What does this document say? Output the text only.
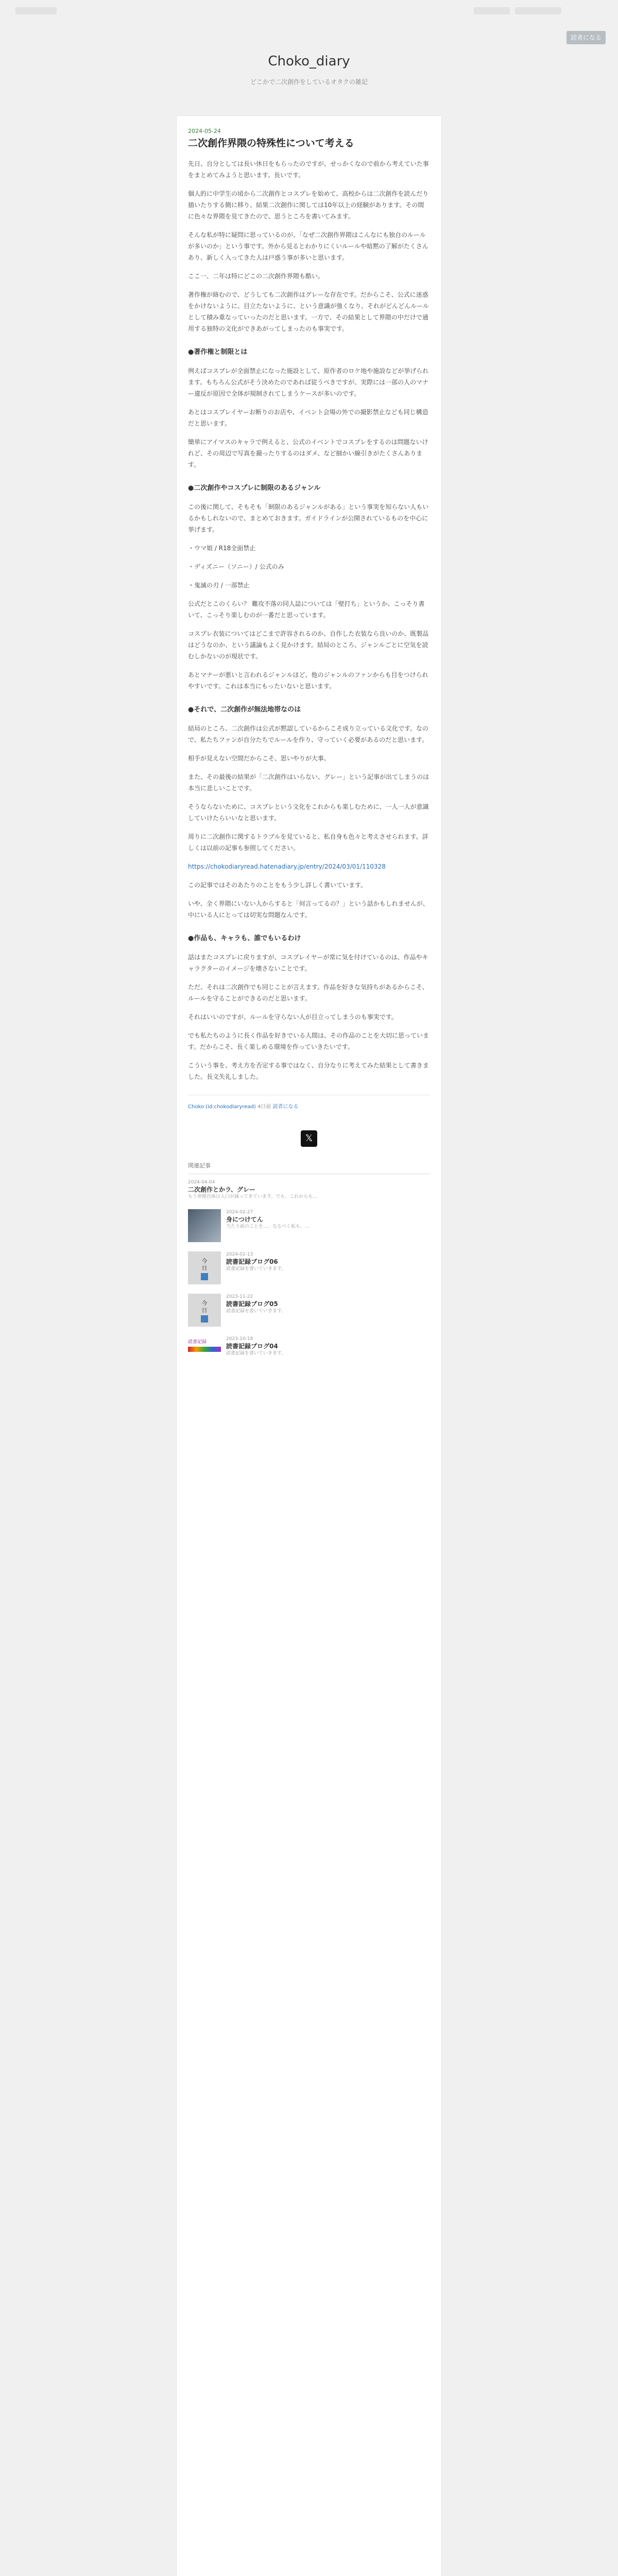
読者になる
Choko_diary
どこかで二次創作をしているオタクの雑記
2024-05-24
二次創作界隈の特殊性について考える

先日、自分としては長い休日をもらったのですが、せっかくなので前から考えていた事をまとめてみようと思います。長いです。

個人的に中学生の頃から二次創作とコスプレを始めて、高校からは二次創作を読んだり描いたりする側に移り、結果二次創作に関しては10年以上の経験があります。その間に色々な界隈を見てきたので、思うところを書いてみます。

そんな私が特に疑問に思っているのが、「なぜ二次創作界隈はこんなにも独自のルールが多いのか」という事です。外から見るとわかりにくいルールや暗黙の了解がたくさんあり、新しく入ってきた人は戸惑う事が多いと思います。

ここ一、二年は特にどこの二次創作界隈も酷い。

著作権が絡むので、どうしても二次創作はグレーな存在です。だからこそ、公式に迷惑をかけないように、目立たないように、という意識が強くなり、それがどんどんルールとして積み重なっていったのだと思います。一方で、その結果として界隈の中だけで通用する独特の文化ができあがってしまったのも事実です。

●著作権と制限とは

例えばコスプレが全面禁止になった施設として、原作者のロケ地や施設などが挙げられます。もちろん公式がそう決めたのであれば従うべきですが、実際には一部の人のマナー違反が原因で全体が規制されてしまうケースが多いのです。

あとはコスプレイヤーお断りのお店や、イベント会場の外での撮影禁止なども同じ構造だと思います。

簡単にアイマスのキャラで例えると、公式のイベントでコスプレをするのは問題ないけれど、その周辺で写真を撮ったりするのはダメ、など細かい線引きがたくさんあります。

●二次創作やコスプレに制限のあるジャンル

この後に関して、そもそも「制限のあるジャンルがある」という事実を知らない人もいるかもしれないので、まとめておきます。ガイドラインが公開されているものを中心に挙げます。

・ウマ娘 / R18全面禁止

・ディズニー（ソニー）/ 公式のみ

・鬼滅の刃 / 一部禁止

公式だとこのくらい？ 難攻不落の同人誌については「壁打ち」というか、こっそり書いて、こっそり楽しむのが一番だと思っています。

コスプレ衣装についてはどこまで許容されるのか、自作した衣装なら良いのか、既製品はどうなのか、という議論もよく見かけます。結局のところ、ジャンルごとに空気を読むしかないのが現状です。

あとマナーが悪いと言われるジャンルほど、他のジャンルのファンからも目をつけられやすいです。これは本当にもったいないと思います。

●それで、二次創作が無法地帯なのは

結局のところ、二次創作は公式が黙認しているからこそ成り立っている文化です。なので、私たちファンが自分たちでルールを作り、守っていく必要があるのだと思います。

相手が見えない空間だからこそ、思いやりが大事。

また、その最後の結果が「二次創作はいらない、グレー」という記事が出てしまうのは本当に悲しいことです。

そうならないために、コスプレという文化をこれからも楽しむために、一人一人が意識していけたらいいなと思います。

周りに二次創作に関するトラブルを見ていると、私自身も色々と考えさせられます。詳しくは以前の記事も参照してください。

https://chokodiaryread.hatenadiary.jp/entry/2024/03/01/110328

この記事ではそのあたりのことをもう少し詳しく書いています。

いや、全く界隈にいない人からすると「何言ってるの？」という話かもしれませんが、中にいる人にとっては切実な問題なんです。

●作品も、キャラも、誰でもいるわけ

話はまたコスプレに戻りますが、コスプレイヤーが常に気を付けているのは、作品やキャラクターのイメージを壊さないことです。

ただ、それは二次創作でも同じことが言えます。作品を好きな気持ちがあるからこそ、ルールを守ることができるのだと思います。

それはいいのですが、ルールを守らない人が目立ってしまうのも事実です。

でも私たちのように長く作品を好きでいる人間は、その作品のことを大切に思っています。だからこそ、長く楽しめる環境を作っていきたいです。

こういう事を、考え方を否定する事ではなく、自分なりに考えてみた結果として書きました。長文失礼しました。

Choko (id:chokodiaryread) 4日前 読者になる
𝕏
関連記事
2024-04-04
二次創作とかラ、グレー
もう界隈自体は人口が減ってきています。でも、これからも…
2024-02-27
身につけてん
当たり前のことを…、なるべく私も、…
今
日

2024-02-13
読書記録ブログ06
読書記録を書いていきます。
今
日

2023-11-22
読書記録ブログ05
読書記録を書いていきます。
読書記録
2023-10-18
読書記録ブログ04
読書記録を書いていきます。
